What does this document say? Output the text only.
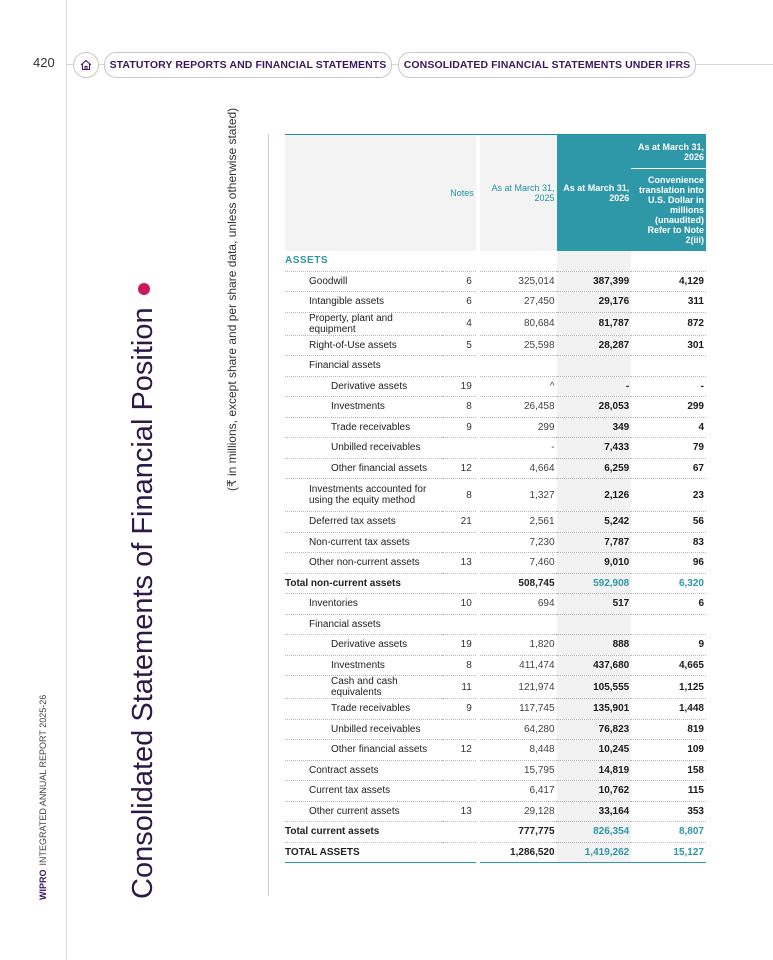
420	STATUTORY REPORTS AND FINANCIAL STATEMENTS	CONSOLIDATED FINANCIAL STATEMENTS UNDER IFRS
WIPROINTEGRATED ANNUAL REPORT 2025-26	Consolidated Statements of Financial Position
(₹ in millions, except share and per share data, unless otherwise stated)
		Notes		As at March 31, 2025	As at March 31, 2026	As at March 31, 2026
					Convenience translation into U.S. Dollar in millions (unaudited) Refer to Note 2(iii)
ASSETS					
Goodwill	6		325,014	387,399	4,129
Intangible assets	6		27,450	29,176	311
Property, plant and equipment	4		80,684	81,787	872
Right-of-Use assets	5		25,598	28,287	301
Financial assets					
Derivative assets	19		^	-	-
Investments	8		26,458	28,053	299
Trade receivables	9		299	349	4
Unbilled receivables			-	7,433	79
Other financial assets	12		4,664	6,259	67
Investments accounted for using the equity method	8		1,327	2,126	23
Deferred tax assets	21		2,561	5,242	56
Non-current tax assets			7,230	7,787	83
Other non-current assets	13		7,460	9,010	96
Total non-current assets			508,745	592,908	6,320
Inventories	10		694	517	6
Financial assets					
Derivative assets	19		1,820	888	9
Investments	8		411,474	437,680	4,665
Cash and cash equivalents	11		121,974	105,555	1,125
Trade receivables	9		117,745	135,901	1,448
Unbilled receivables			64,280	76,823	819
Other financial assets	12		8,448	10,245	109
Contract assets			15,795	14,819	158
Current tax assets			6,417	10,762	115
Other current assets	13		29,128	33,164	353
Total current assets			777,775	826,354	8,807
TOTAL ASSETS			1,286,520	1,419,262	15,127
